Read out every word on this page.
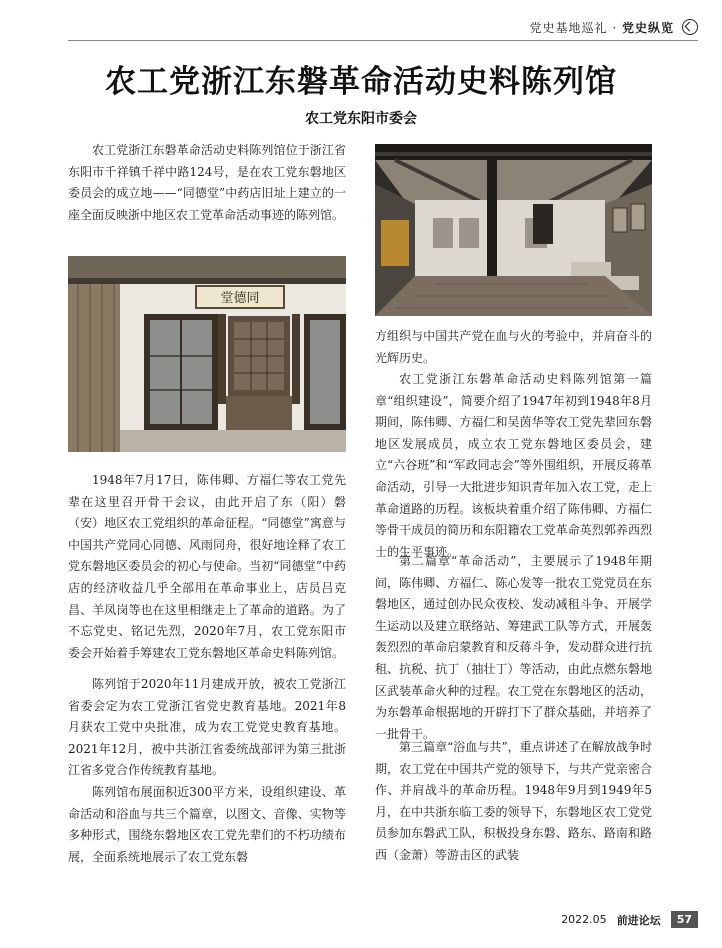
党史基地巡礼 · 党史纵览
农工党浙江东磐革命活动史料陈列馆
农工党东阳市委会

农工党浙江东磐革命活动史料陈列馆位于浙江省东阳市千祥镇千祥中路124号，是在农工党东磐地区委员会的成立地——“同德堂”中药店旧址上建立的一座全面反映浙中地区农工党革命活动事迹的陈列馆。

堂德同

1948年7月17日，陈伟卿、方福仁等农工党先辈在这里召开骨干会议，由此开启了东（阳）磐（安）地区农工党组织的革命征程。“同德堂”寓意与中国共产党同心同德、风雨同舟，很好地诠释了农工党东磐地区委员会的初心与使命。当初“同德堂”中药店的经济收益几乎全部用在革命事业上，店员吕克昌、羊凤岗等也在这里相继走上了革命的道路。为了不忘党史、铭记先烈，2020年7月，农工党东阳市委会开始着手筹建农工党东磐地区革命史料陈列馆。

陈列馆于2020年11月建成开放，被农工党浙江省委会定为农工党浙江省党史教育基地。2021年8月获农工党中央批准，成为农工党党史教育基地。2021年12月，被中共浙江省委统战部评为第三批浙江省多党合作传统教育基地。

陈列馆布展面积近300平方米，设组织建设、革命活动和浴血与共三个篇章，以图文、音像、实物等多种形式，围绕东磐地区农工党先辈们的不朽功绩布展，全面系统地展示了农工党东磐

方组织与中国共产党在血与火的考验中，并肩奋斗的光辉历史。

农工党浙江东磐革命活动史料陈列馆第一篇章“组织建设”，简要介绍了1947年初到1948年8月期间，陈伟卿、方福仁和吴茵华等农工党先辈回东磐地区发展成员，成立农工党东磐地区委员会，建立“六谷班”和“军政同志会”等外围组织，开展反蒋革命活动，引导一大批进步知识青年加入农工党，走上革命道路的历程。该板块着重介绍了陈伟卿、方福仁等骨干成员的简历和东阳籍农工党革命英烈郭养西烈士的生平事迹。

第二篇章“革命活动”，主要展示了1948年期间，陈伟卿、方福仁、陈心发等一批农工党党员在东磐地区，通过创办民众夜校、发动减租斗争、开展学生运动以及建立联络站、筹建武工队等方式，开展轰轰烈烈的革命启蒙教育和反蒋斗争，发动群众进行抗租、抗税、抗丁（抽壮丁）等活动，由此点燃东磐地区武装革命火种的过程。农工党在东磐地区的活动，为东磐革命根据地的开辟打下了群众基础，并培养了一批骨干。

第三篇章“浴血与共”，重点讲述了在解放战争时期，农工党在中国共产党的领导下，与共产党亲密合作、并肩战斗的革命历程。1948年9月到1949年5月，在中共浙东临工委的领导下，东磐地区农工党党员参加东磐武工队，积极投身东磐、路东、路南和路西（金萧）等游击区的武装

2022.05 前进论坛	57
